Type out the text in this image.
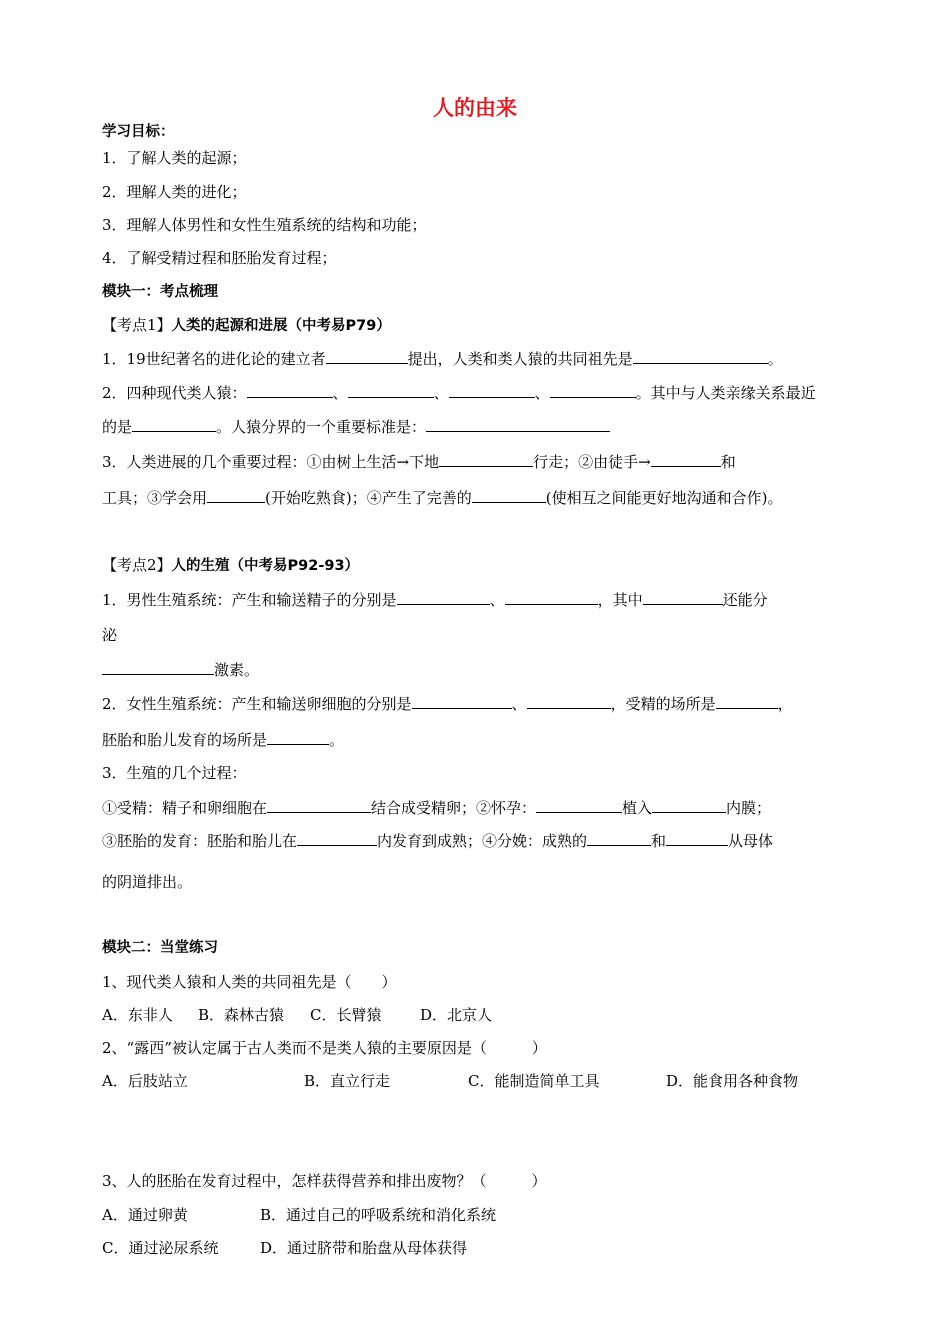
人的由来
学习目标：
1．了解人类的起源；
2．理解人类的进化；
3．理解人体男性和女性生殖系统的结构和功能；
4．了解受精过程和胚胎发育过程；
模块一：考点梳理
【考点1】人类的起源和进展（中考易P79）
1．19世纪著名的进化论的建立者	提出，人类和类人猿的共同祖先是	。
2．四种现代类人猿：	、	、	、	。其中与人类亲缘关系最近
的是	。人猿分界的一个重要标准是：
3．人类进展的几个重要过程：①由树上生活→下地	行走；②由徒手→	和
工具；③学会用	(开始吃熟食)；④产生了完善的	(使相互之间能更好地沟通和合作)。
【考点2】人的生殖（中考易P92-93）
1．男性生殖系统：产生和输送精子的分别是	、	，其中	还能分
泌
激素。
2．女性生殖系统：产生和输送卵细胞的分别是	、	，受精的场所是	，
胚胎和胎儿发育的场所是	。
3．生殖的几个过程：
①受精：精子和卵细胞在	结合成受精卵；②怀孕：	植入	内膜；
③胚胎的发育：胚胎和胎儿在	内发育到成熟；④分娩：成熟的	和	从母体
的阴道排出。
模块二：当堂练习
1、现代类人猿和人类的共同祖先是（　　）
A．东非人 B．森林古猿 C．长臂猿	D．北京人
2、“露西”被认定属于古人类而不是类人猿的主要原因是（　　　）
A．后肢站立	B．直立行走	C．能制造简单工具	D．能食用各种食物
3、人的胚胎在发育过程中，怎样获得营养和排出废物？（　　　）
A．通过卵黄	B．通过自己的呼吸系统和消化系统
C．通过泌尿系统	D．通过脐带和胎盘从母体获得
